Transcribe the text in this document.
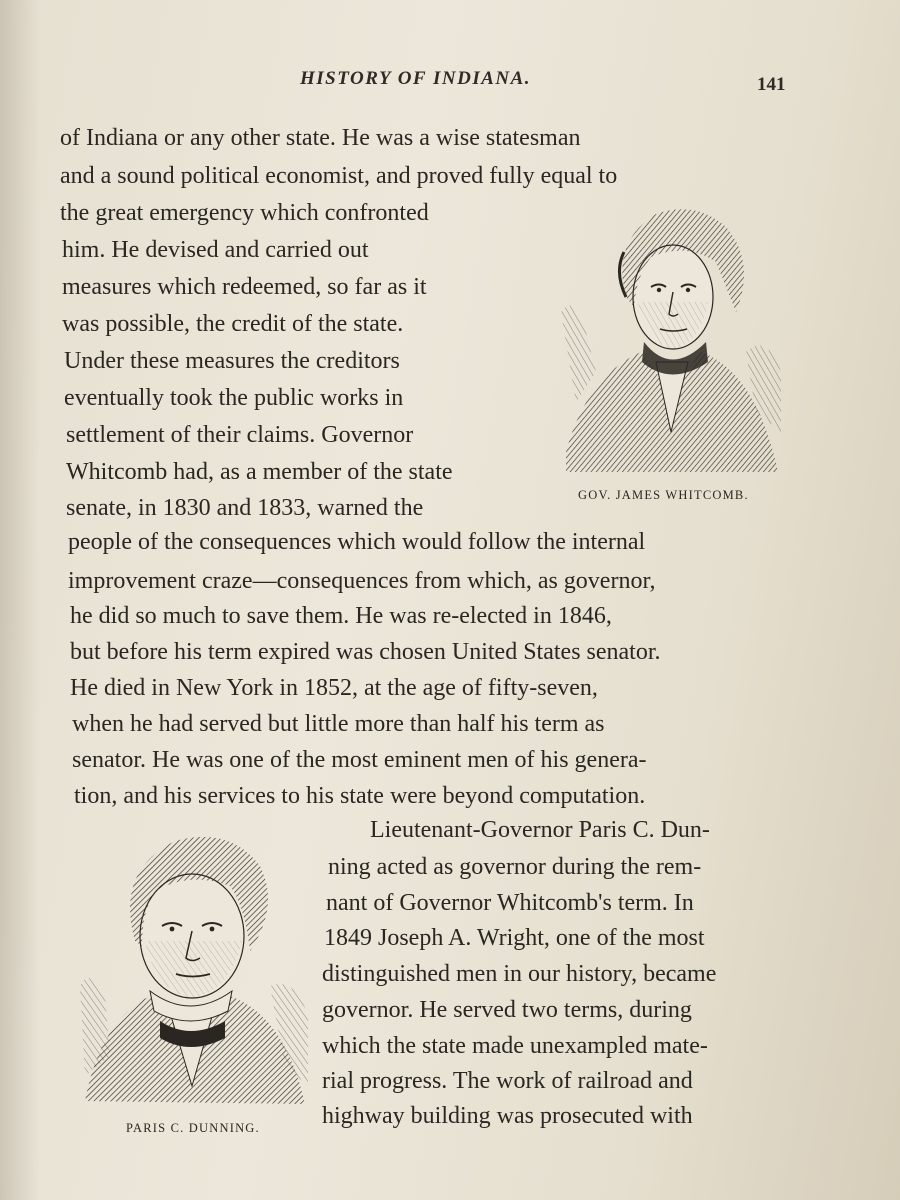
HISTORY OF INDIANA.	141
of Indiana or any other state. He was a wise statesman
and a sound political economist, and proved fully equal to
the great emergency which confronted
him. He devised and carried out
measures which redeemed, so far as it
was possible, the credit of the state.
Under these measures the creditors
eventually took the public works in
settlement of their claims. Governor
Whitcomb had, as a member of the state
senate, in 1830 and 1833, warned the
people of the consequences which would follow the internal
improvement craze—consequences from which, as governor,
he did so much to save them. He was re-elected in 1846,
but before his term expired was chosen United States senator.
He died in New York in 1852, at the age of fifty-seven,
when he had served but little more than half his term as
senator. He was one of the most eminent men of his genera-
tion, and his services to his state were beyond computation.
Lieutenant-Governor Paris C. Dun-
ning acted as governor during the rem-
nant of Governor Whitcomb's term. In
1849 Joseph A. Wright, one of the most
distinguished men in our history, became
governor. He served two terms, during
which the state made unexampled mate-
rial progress. The work of railroad and
highway building was prosecuted with
GOV. JAMES WHITCOMB.
PARIS C. DUNNING.
